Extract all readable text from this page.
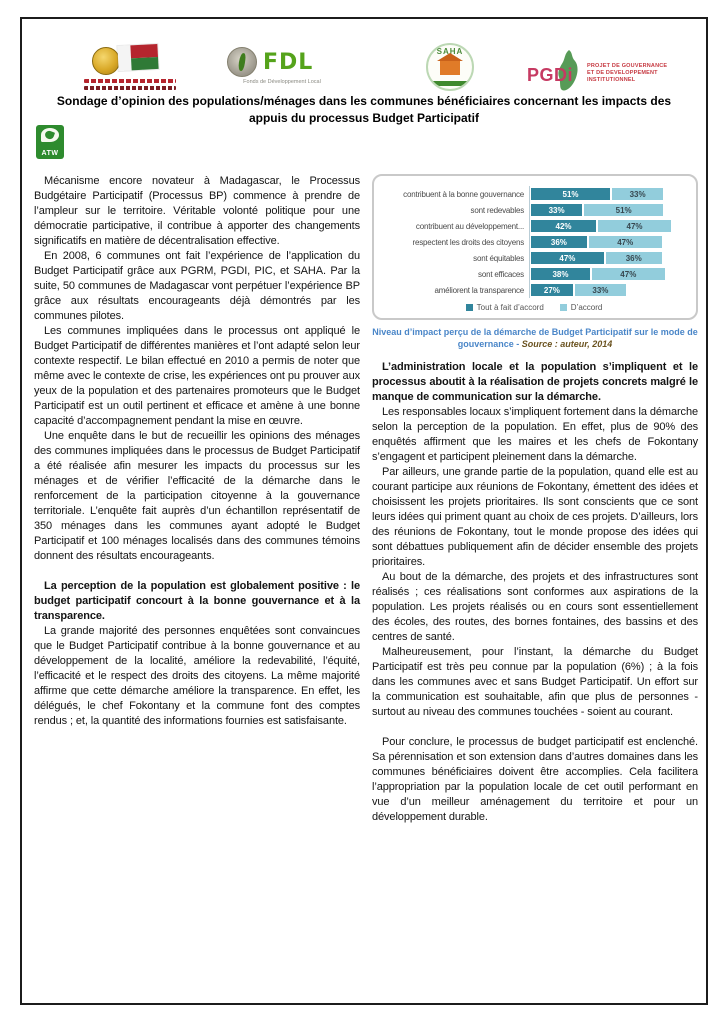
FDL
Fonds de Développement Local
SAHA
PGDi	PROJET DE GOUVERNANCE
ET DE DEVELOPPEMENT
INSTITUTIONNEL
Sondage d’opinion des populations/ménages dans les communes bénéficiaires concernant les impacts des appuis du processus Budget Participatif
ATW

Mécanisme encore novateur à Madagascar, le Processus Budgétaire Participatif (Processus BP) commence à prendre de l’ampleur sur le territoire. Véritable volonté politique pour une démocratie participative, il contribue à apporter des changements significatifs en matière de décentralisation effective.

En 2008, 6 communes ont fait l’expérience de l’application du Budget Participatif grâce aux PGRM, PGDI, PIC, et SAHA. Par la suite, 50 communes de Madagascar vont perpétuer l’expérience BP grâce aux résultats encourageants déjà démontrés par les communes pilotes.

Les communes impliquées dans le processus ont appliqué le Budget Participatif de différentes manières et l’ont adapté selon leur contexte respectif. Le bilan effectué en 2010 a permis de noter que même avec le contexte de crise, les expériences ont pu prouver aux yeux de la population et des partenaires promoteurs que le Budget Participatif est un outil pertinent et efficace et amène à une bonne capacité d’accompagnement pendant la mise en œuvre.

Une enquête dans le but de recueillir les opinions des ménages des communes impliquées dans le processus de Budget Participatif a été réalisée afin mesurer les impacts du processus sur les ménages et de vérifier l’efficacité de la démarche dans le renforcement de la participation citoyenne à la gouvernance territoriale. L’enquête fait auprès d’un échantillon représentatif de 350 ménages dans les communes ayant adopté le Budget Participatif et 100 ménages localisés dans des communes témoins donnent des résultats encourageants.

La perception de la population est globalement positive : le budget participatif concourt à la bonne gouvernance et à la transparence.

La grande majorité des personnes enquêtées sont convaincues que le Budget Participatif contribue à la bonne gouvernance et au développement de la localité, améliore la redevabilité, l’équité, l’efficacité et le respect des droits des citoyens. La même majorité affirme que cette démarche améliore la transparence. En effet, les délégués, le chef Fokontany et la commune font des comptes rendus ; et, la quantité des informations fournies est satisfaisante.

contribuent à la bonne gouvernance	51%	33%
sont redevables	33%	51%
contribuent au développement...	42%	47%
respectent les droits des citoyens	36%	47%
sont équitables	47%	36%
sont efficaces	38%	47%
améliorent la transparence	27%	33%
Tout à fait d’accord	D’accord
Niveau d’impact perçu de la démarche de Budget Participatif sur le mode de gouvernance - Source : auteur, 2014

L’administration locale et la population s’impliquent et le processus aboutit à la réalisation de projets concrets malgré le manque de communication sur la démarche.

Les responsables locaux s’impliquent fortement dans la démarche selon la perception de la population. En effet, plus de 90% des enquêtés affirment que les maires et les chefs de Fokontany s’engagent et participent pleinement dans la démarche.

Par ailleurs, une grande partie de la population, quand elle est au courant participe aux réunions de Fokontany, émettent des idées et choisissent les projets prioritaires. Ils sont conscients que ce sont leurs idées qui priment quant au choix de ces projets. D’ailleurs, lors des réunions de Fokontany, tout le monde propose des idées qui sont débattues publiquement afin de décider ensemble des projets prioritaires.

Au bout de la démarche, des projets et des infrastructures sont réalisés ; ces réalisations sont conformes aux aspirations de la population. Les projets réalisés ou en cours sont essentiellement des écoles, des routes, des bornes fontaines, des bassins et des centres de santé.

Malheureusement, pour l’instant, la démarche du Budget Participatif est très peu connue par la population (6%) ; à la fois dans les communes avec et sans Budget Participatif. Un effort sur la communication est souhaitable, afin que plus de personnes - surtout au niveau des communes touchées - soient au courant.

Pour conclure, le processus de budget participatif est enclenché. Sa pérennisation et son extension dans d’autres domaines dans les communes bénéficiaires doivent être accomplies. Cela facilitera l’appropriation par la population locale de cet outil performant en vue d’un meilleur aménagement du territoire et pour un développement durable.
